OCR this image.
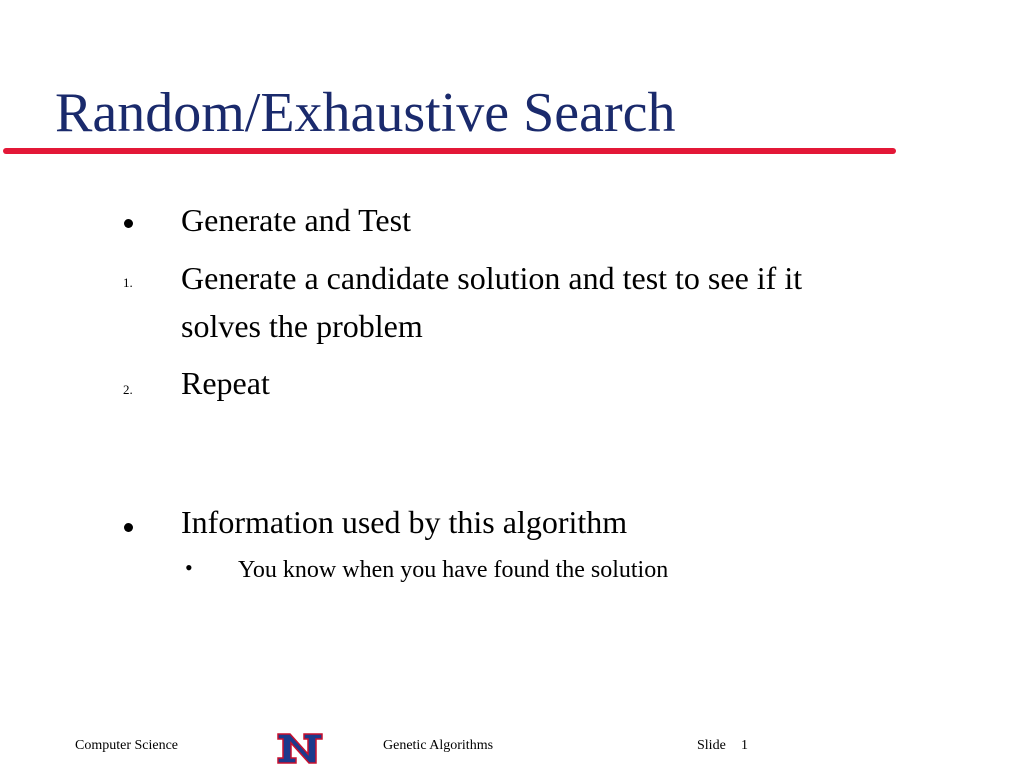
Random/Exhaustive Search
Generate and Test
1. Generate a candidate solution and test to see if it
solves the problem
2. Repeat
Information used by this algorithm
• You know when you have found the solution
Computer Science	Genetic Algorithms	Slide 1
